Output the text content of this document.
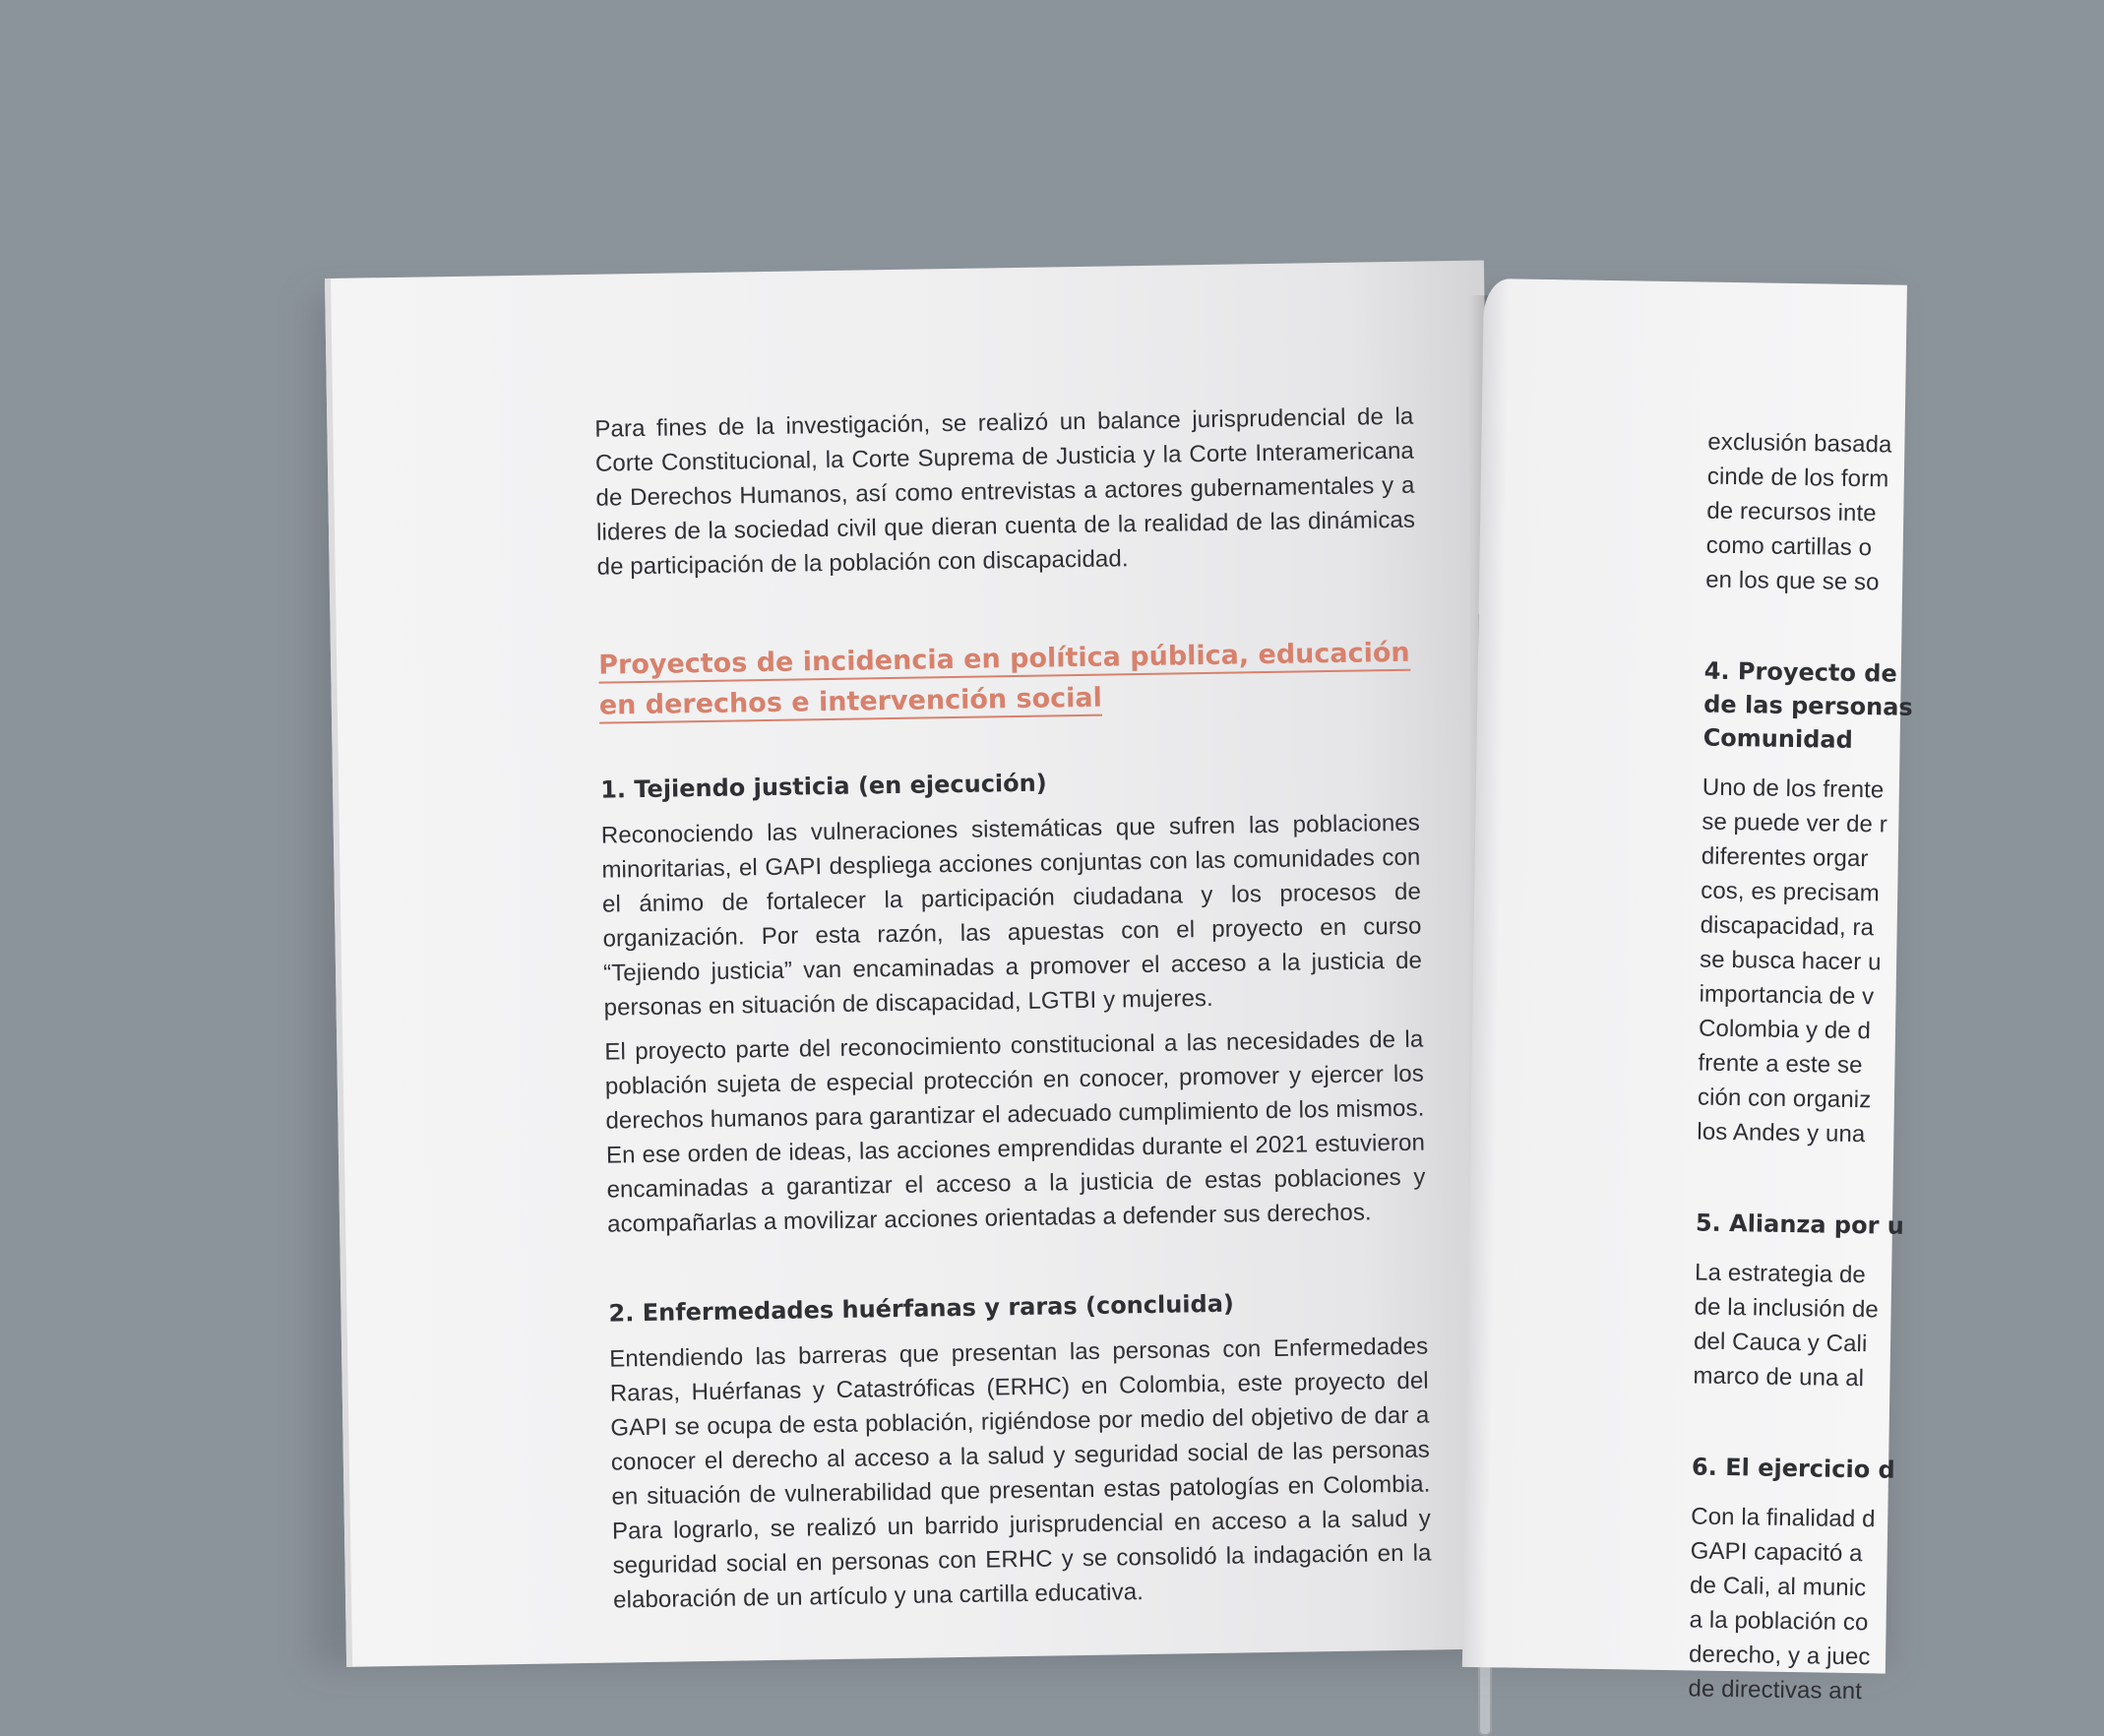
Para fines de la investigación, se realizó un balance jurisprudencial de la Corte Constitucional, la Corte Suprema de Justicia y la Corte Interamericana de Derechos Humanos, así como entrevistas a actores gubernamentales y a lideres de la sociedad civil que dieran cuenta de la realidad de las dinámicas de participación de la población con discapacidad.

Proyectos de incidencia en política pública, educación en derechos e intervención social
1. Tejiendo justicia (en ejecución)

Reconociendo las vulneraciones sistemáticas que sufren las poblaciones minoritarias, el GAPI despliega acciones conjuntas con las comunidades con el ánimo de fortalecer la participación ciudadana y los procesos de organización. Por esta razón, las apuestas con el proyecto en curso “Tejiendo justicia” van encaminadas a promover el acceso a la justicia de personas en situación de discapacidad, LGTBI y mujeres.

El proyecto parte del reconocimiento constitucional a las necesidades de la población sujeta de especial protección en conocer, promover y ejercer los derechos humanos para garantizar el adecuado cumplimiento de los mismos. En ese orden de ideas, las acciones emprendidas durante el 2021 estuvieron encaminadas a garantizar el acceso a la justicia de estas poblaciones y acompañarlas a movilizar acciones orientadas a defender sus derechos.

2. Enfermedades huérfanas y raras (concluida)

Entendiendo las barreras que presentan las personas con Enfermedades Raras, Huérfanas y Catastróficas (ERHC) en Colombia, este proyecto del GAPI se ocupa de esta población, rigiéndose por medio del objetivo de dar a conocer el derecho al acceso a la salud y seguridad social de las personas en situación de vulnerabilidad que presentan estas patologías en Colombia. Para lograrlo, se realizó un barrido jurisprudencial en acceso a la salud y seguridad social en personas con ERHC y se consolidó la indagación en la elaboración de un artículo y una cartilla educativa.

exclusión basada

cinde de los form

de recursos inte

como cartillas o

en los que se so

4. Proyecto de
de las personas
Comunidad

Uno de los frente

se puede ver de r

diferentes orgar

cos, es precisam

discapacidad, ra

se busca hacer u

importancia de v

Colombia y de d

frente a este se

ción con organiz

los Andes y una

5. Alianza por u

La estrategia de

de la inclusión de

del Cauca y Cali

marco de una al

6. El ejercicio d

Con la finalidad d

GAPI capacitó a

de Cali, al munic

a la población co

derecho, y a juec

de directivas ant
